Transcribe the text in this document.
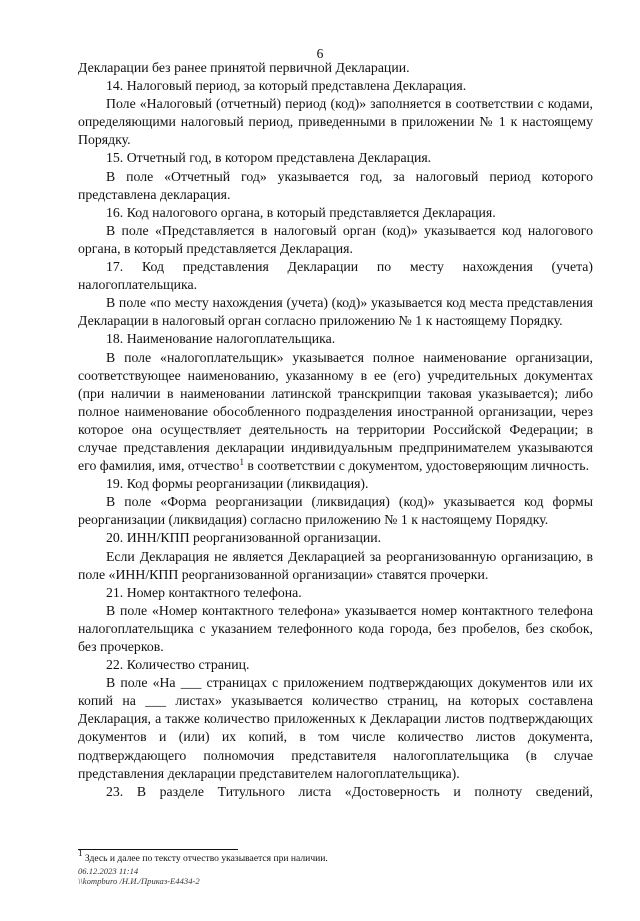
6

Декларации без ранее принятой первичной Декларации.

14. Налоговый период, за который представлена Декларация.

Поле «Налоговый (отчетный) период (код)» заполняется в соответствии с кодами, определяющими налоговый период, приведенными в приложении № 1 к настоящему Порядку.

15. Отчетный год, в котором представлена Декларация.

В поле «Отчетный год» указывается год, за налоговый период которого представлена декларация.

16. Код налогового органа, в который представляется Декларация.

В поле «Представляется в налоговый орган (код)» указывается код налогового органа, в который представляется Декларация.

17. Код представления Декларации по месту нахождения (учета) налогоплательщика.

В поле «по месту нахождения (учета) (код)» указывается код места представления Декларации в налоговый орган согласно приложению № 1 к настоящему Порядку.

18. Наименование налогоплательщика.

В поле «налогоплательщик» указывается полное наименование организации, соответствующее наименованию, указанному в ее (его) учредительных документах (при наличии в наименовании латинской транскрипции таковая указывается); либо полное наименование обособленного подразделения иностранной организации, через которое она осуществляет деятельность на территории Российской Федерации; в случае представления декларации индивидуальным предпринимателем указываются его фамилия, имя, отчество$^1$ в соответствии с документом, удостоверяющим личность.

19. Код формы реорганизации (ликвидация).

В поле «Форма реорганизации (ликвидация) (код)» указывается код формы реорганизации (ликвидация) согласно приложению № 1 к настоящему Порядку.

20. ИНН/КПП реорганизованной организации.

Если Декларация не является Декларацией за реорганизованную организацию, в поле «ИНН/КПП реорганизованной организации» ставятся прочерки.

21. Номер контактного телефона.

В поле «Номер контактного телефона» указывается номер контактного телефона налогоплательщика с указанием телефонного кода города, без пробелов, без скобок, без прочерков.

22. Количество страниц.

В поле «На ___ страницах с приложением подтверждающих документов или их копий на ___ листах» указывается количество страниц, на которых составлена Декларация, а также количество приложенных к Декларации листов подтверждающих документов и (или) их копий, в том числе количество листов документа, подтверждающего полномочия представителя налогоплательщика (в случае представления декларации представителем налогоплательщика).

23. В разделе Титульного листа «Достоверность и полноту сведений,

$^1$ Здесь и далее по тексту отчество указывается при наличии.
06.12.2023 11:14
\\kompburo /Н.И./Приказ-Е4434-2
